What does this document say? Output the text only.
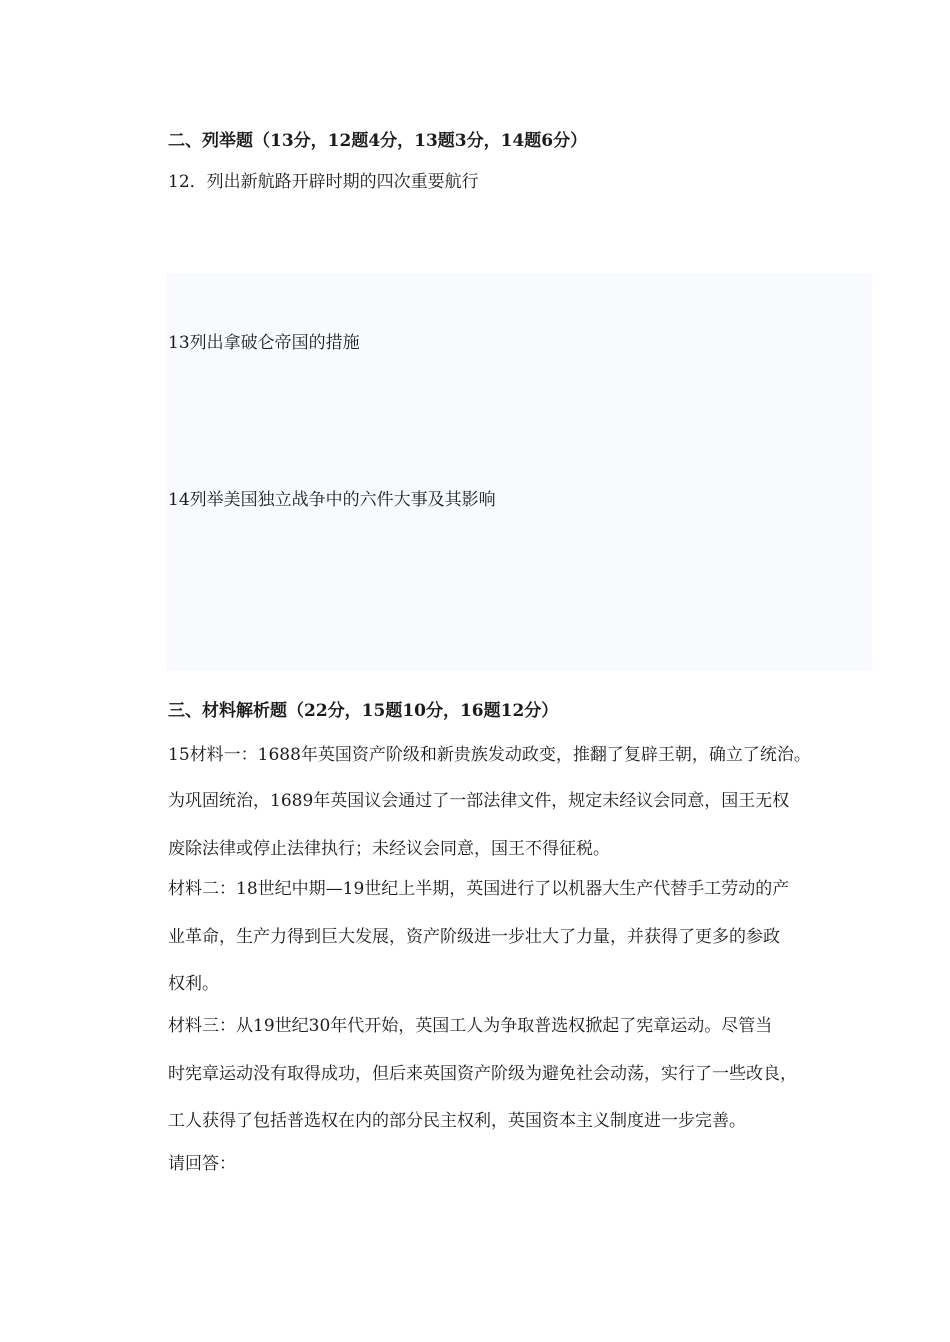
二、列举题（13分，12题4分，13题3分，14题6分）
12．列出新航路开辟时期的四次重要航行
13列出拿破仑帝国的措施
14列举美国独立战争中的六件大事及其影响
三、材料解析题（22分，15题10分，16题12分）
15材料一：1688年英国资产阶级和新贵族发动政变，推翻了复辟王朝，确立了统治。
为巩固统治，1689年英国议会通过了一部法律文件，规定未经议会同意，国王无权
废除法律或停止法律执行；未经议会同意，国王不得征税。
材料二：18世纪中期—19世纪上半期，英国进行了以机器大生产代替手工劳动的产
业革命，生产力得到巨大发展，资产阶级进一步壮大了力量，并获得了更多的参政
权利。
材料三：从19世纪30年代开始，英国工人为争取普选权掀起了宪章运动。尽管当
时宪章运动没有取得成功，但后来英国资产阶级为避免社会动荡，实行了一些改良，
工人获得了包括普选权在内的部分民主权利，英国资本主义制度进一步完善。
请回答：
